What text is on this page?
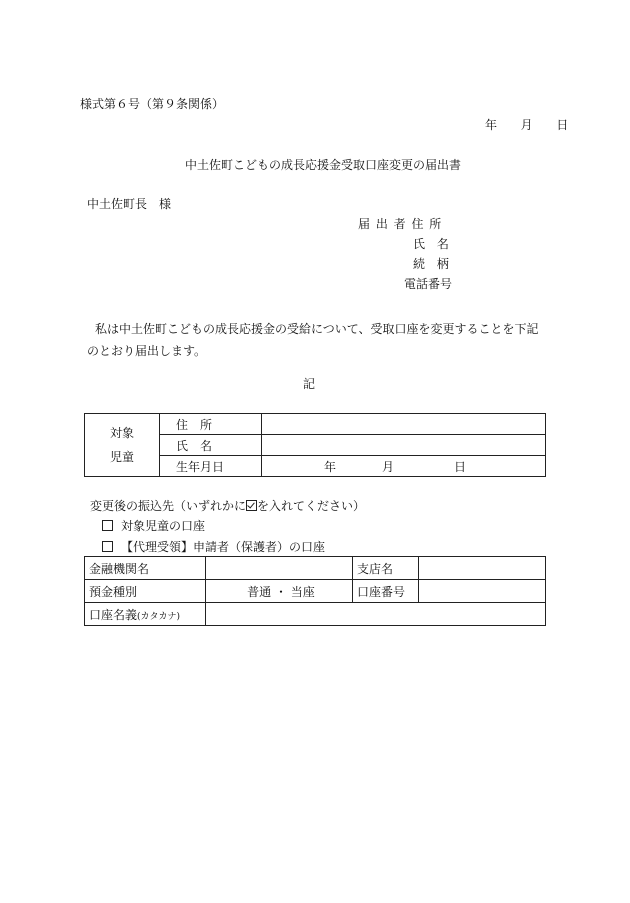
様式第６号（第９条関係）
年 月 日
中土佐町こどもの成長応援金受取口座変更の届出書
中土佐町長 様
届 出 者 住 所
氏 名
続 柄
電話番号
私は中土佐町こどもの成長応援金の受給について、受取口座を変更することを下記のとおり届出します。
記
対象
児童	住　所	
	氏　名	
	生年月日	年 月 日
変更後の振込先（いずれかに を入れてください）
対象児童の口座
【代理受領】申請者（保護者）の口座
金融機関名		支店名	
預金種別	普通 ・ 当座	口座番号	
口座名義(カタカナ)			
